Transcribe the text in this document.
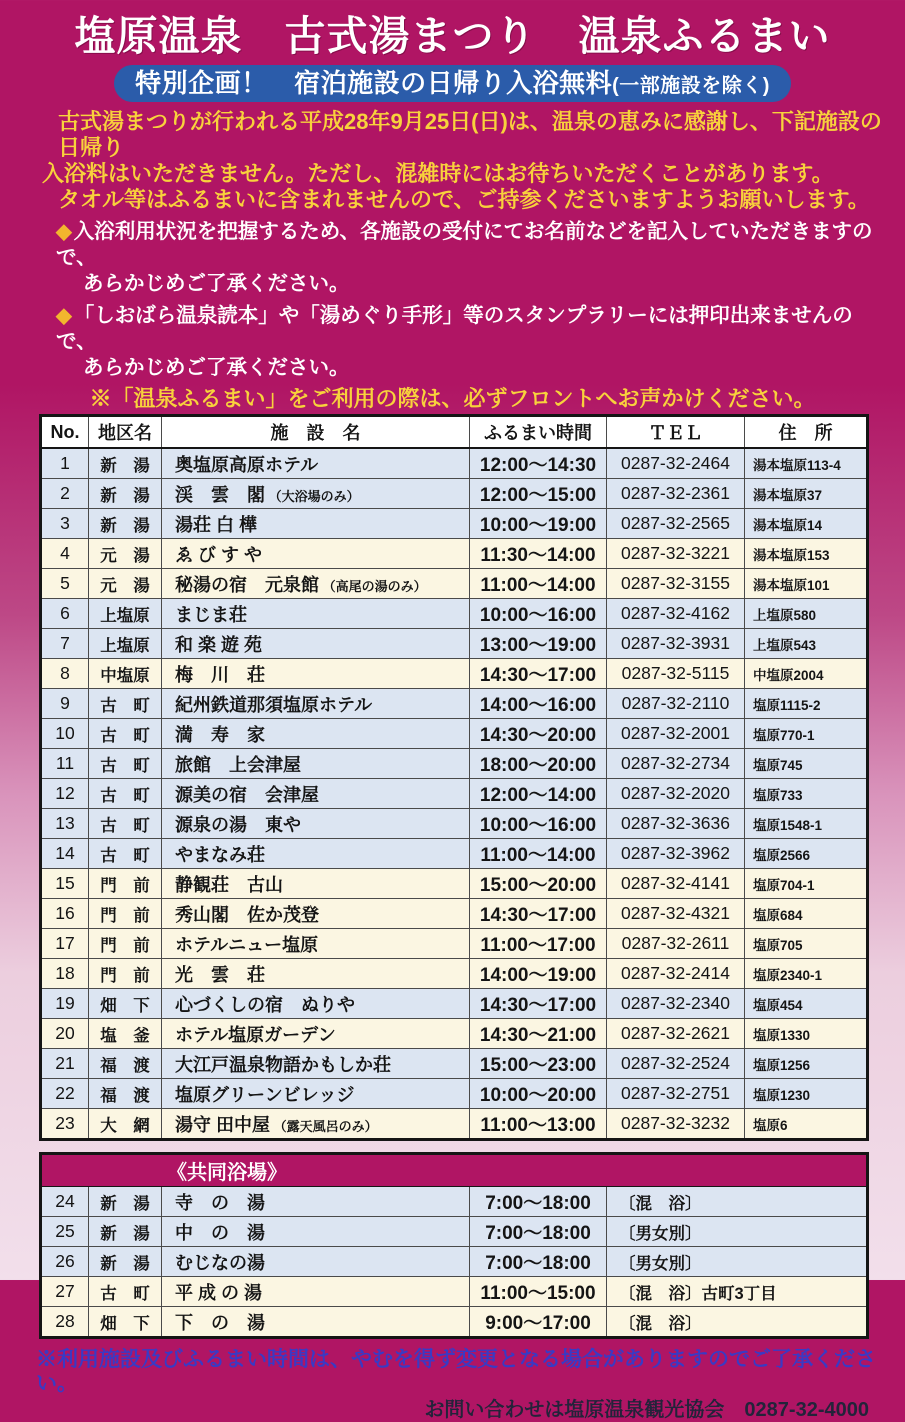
塩原温泉　古式湯まつり　温泉ふるまい
特別企画！　宿泊施設の日帰り入浴無料(一部施設を除く)
古式湯まつりが行われる平成28年9月25日(日)は、温泉の恵みに感謝し、下記施設の日帰り
入浴料はいただきません。ただし、混雑時にはお待ちいただくことがあります。
タオル等はふるまいに含まれませんので、ご持参くださいますようお願いします。
◆入浴利用状況を把握するため、各施設の受付にてお名前などを記入していただきますので、
あらかじめご了承ください。
◆「しおばら温泉読本」や「湯めぐり手形」等のスタンプラリーには押印出来ませんので、
あらかじめご了承ください。
※「温泉ふるまい」をご利用の際は、必ずフロントへお声かけください。
No.	地区名	施　設　名	ふるまい時間	ＴＥＬ	住　所
1	新　湯	奥塩原高原ホテル	12:00～14:30	0287-32-2464	湯本塩原113-4
2	新　湯	渓　雲　閣 （大浴場のみ）	12:00～15:00	0287-32-2361	湯本塩原37
3	新　湯	湯荘 白 樺	10:00～19:00	0287-32-2565	湯本塩原14
4	元　湯	ゑ び す や	11:30～14:00	0287-32-3221	湯本塩原153
5	元　湯	秘湯の宿　元泉館 （高尾の湯のみ）	11:00～14:00	0287-32-3155	湯本塩原101
6	上塩原	まじま荘	10:00～16:00	0287-32-4162	上塩原580
7	上塩原	和 楽 遊 苑	13:00～19:00	0287-32-3931	上塩原543
8	中塩原	梅　川　荘	14:30～17:00	0287-32-5115	中塩原2004
9	古　町	紀州鉄道那須塩原ホテル	14:00～16:00	0287-32-2110	塩原1115-2
10	古　町	満　寿　家	14:30～20:00	0287-32-2001	塩原770-1
11	古　町	旅館　上会津屋	18:00～20:00	0287-32-2734	塩原745
12	古　町	源美の宿　会津屋	12:00～14:00	0287-32-2020	塩原733
13	古　町	源泉の湯　東や	10:00～16:00	0287-32-3636	塩原1548-1
14	古　町	やまなみ荘	11:00～14:00	0287-32-3962	塩原2566
15	門　前	静観荘　古山	15:00～20:00	0287-32-4141	塩原704-1
16	門　前	秀山閣　佐か茂登	14:30～17:00	0287-32-4321	塩原684
17	門　前	ホテルニュー塩原	11:00～17:00	0287-32-2611	塩原705
18	門　前	光　雲　荘	14:00～19:00	0287-32-2414	塩原2340-1
19	畑　下	心づくしの宿　ぬりや	14:30～17:00	0287-32-2340	塩原454
20	塩　釜	ホテル塩原ガーデン	14:30～21:00	0287-32-2621	塩原1330
21	福　渡	大江戸温泉物語かもしか荘	15:00～23:00	0287-32-2524	塩原1256
22	福　渡	塩原グリーンビレッジ	10:00～20:00	0287-32-2751	塩原1230
23	大　網	湯守 田中屋 （露天風呂のみ）	11:00～13:00	0287-32-3232	塩原6
《共同浴場》				
24	新　湯	寺　の　湯	7:00～18:00	〔混　浴〕
25	新　湯	中　の　湯	7:00～18:00	〔男女別〕
26	新　湯	むじなの湯	7:00～18:00	〔男女別〕
27	古　町	平 成 の 湯	11:00～15:00	〔混　浴〕古町3丁目
28	畑　下	下　の　湯	9:00～17:00	〔混　浴〕
※利用施設及びふるまい時間は、やむを得ず変更となる場合がありますのでご了承ください。
お問い合わせは塩原温泉観光協会　0287-32-4000
